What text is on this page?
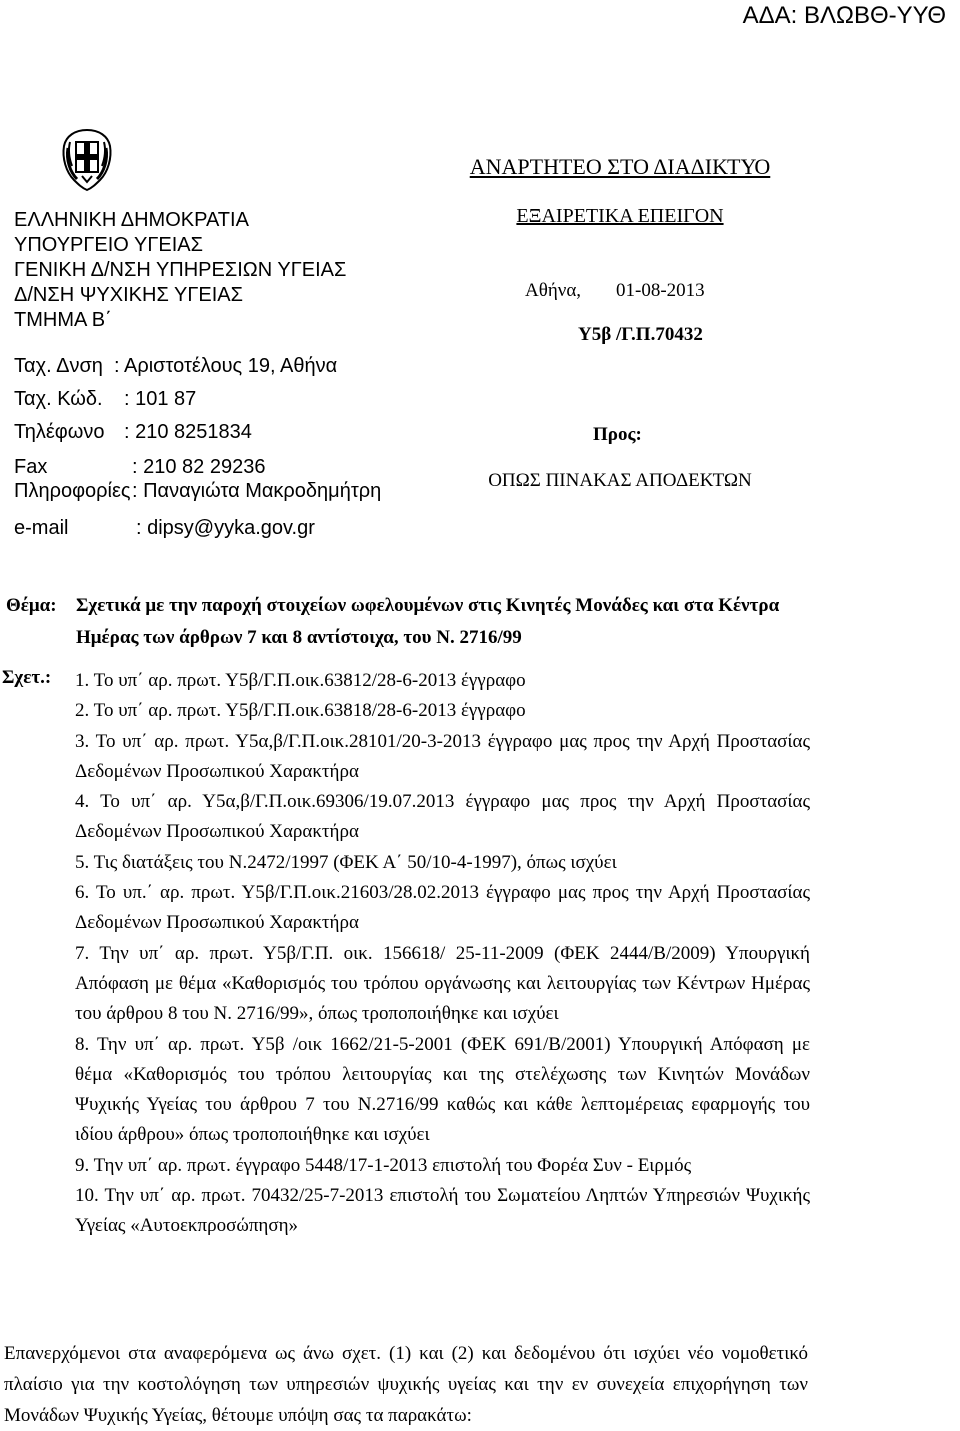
ΑΔΑ: ΒΛΩΒΘ-ΥΥΘ
ΕΛΛΗΝΙΚΗ ΔΗΜΟΚΡΑΤΙΑ
ΥΠΟΥΡΓΕΙΟ ΥΓΕΙΑΣ
ΓΕΝΙΚΗ Δ/ΝΣΗ ΥΠΗΡΕΣΙΩΝ ΥΓΕΙΑΣ
Δ/ΝΣΗ ΨΥΧΙΚΗΣ ΥΓΕΙΑΣ
ΤΜΗΜΑ Β΄
Ταχ. Δνση : Αριστοτέλους 19, Αθήνα
Ταχ. Κώδ. : 101 87
Τηλέφωνο : 210 8251834
Fax	: 210 82 29236
Πληροφορίες : Παναγιώτα Μακροδημήτρη
e-mail	: dipsy@yyka.gov.gr
ΑΝΑΡΤΗΤΕΟ ΣΤΟ ΔΙΑΔΙΚΤΥΟ
ΕΞΑΙΡΕΤΙΚΑ ΕΠΕΙΓΟΝ
Αθήνα, 01-08-2013
Υ5β /Γ.Π.70432
Προς:
ΟΠΩΣ ΠΙΝΑΚΑΣ ΑΠΟΔΕΚΤΩΝ
Θέμα: Σχετικά με την παροχή στοιχείων ωφελουμένων στις Κινητές Μονάδες και στα Κέντρα Ημέρας των άρθρων 7 και 8 αντίστοιχα, του Ν. 2716/99
Σχετ.: 1. Το υπ΄ αρ. πρωτ. Υ5β/Γ.Π.οικ.63812/28-6-2013 έγγραφο

2. Το υπ΄ αρ. πρωτ. Υ5β/Γ.Π.οικ.63818/28-6-2013 έγγραφο

3. Το υπ΄ αρ. πρωτ. Υ5α,β/Γ.Π.οικ.28101/20-3-2013 έγγραφο μας προς την Αρχή Προστασίας Δεδομένων Προσωπικού Χαρακτήρα

4. Το υπ΄ αρ. Υ5α,β/Γ.Π.οικ.69306/19.07.2013 έγγραφο μας προς την Αρχή Προστασίας Δεδομένων Προσωπικού Χαρακτήρα

5. Τις διατάξεις του Ν.2472/1997 (ΦΕΚ Α΄ 50/10-4-1997), όπως ισχύει

6. Το υπ.΄ αρ. πρωτ. Υ5β/Γ.Π.οικ.21603/28.02.2013 έγγραφο μας προς την Αρχή Προστασίας Δεδομένων Προσωπικού Χαρακτήρα

7. Την υπ΄ αρ. πρωτ. Υ5β/Γ.Π. οικ. 156618/ 25-11-2009 (ΦΕΚ 2444/Β/2009) Υπουργική Απόφαση με θέμα «Καθορισμός του τρόπου οργάνωσης και λειτουργίας των Κέντρων Ημέρας του άρθρου 8 του Ν. 2716/99», όπως τροποποιήθηκε και ισχύει

8. Την υπ΄ αρ. πρωτ. Υ5β /οικ 1662/21-5-2001 (ΦΕΚ 691/Β/2001) Υπουργική Απόφαση με θέμα «Καθορισμός του τρόπου λειτουργίας και της στελέχωσης των Κινητών Μονάδων Ψυχικής Υγείας του άρθρου 7 του Ν.2716/99 καθώς και κάθε λεπτομέρειας εφαρμογής του ιδίου άρθρου» όπως τροποποιήθηκε και ισχύει

9. Την υπ΄ αρ. πρωτ. έγγραφο 5448/17-1-2013 επιστολή του Φορέα Συν - Ειρμός

10. Την υπ΄ αρ. πρωτ. 70432/25-7-2013 επιστολή του Σωματείου Ληπτών Υπηρεσιών Ψυχικής Υγείας «Αυτοεκπροσώπηση»

Επανερχόμενοι στα αναφερόμενα ως άνω σχετ. (1) και (2) και δεδομένου ότι ισχύει νέο νομοθετικό πλαίσιο για την κοστολόγηση των υπηρεσιών ψυχικής υγείας και την εν συνεχεία επιχορήγηση των Μονάδων Ψυχικής Υγείας, θέτουμε υπόψη σας τα παρακάτω:
